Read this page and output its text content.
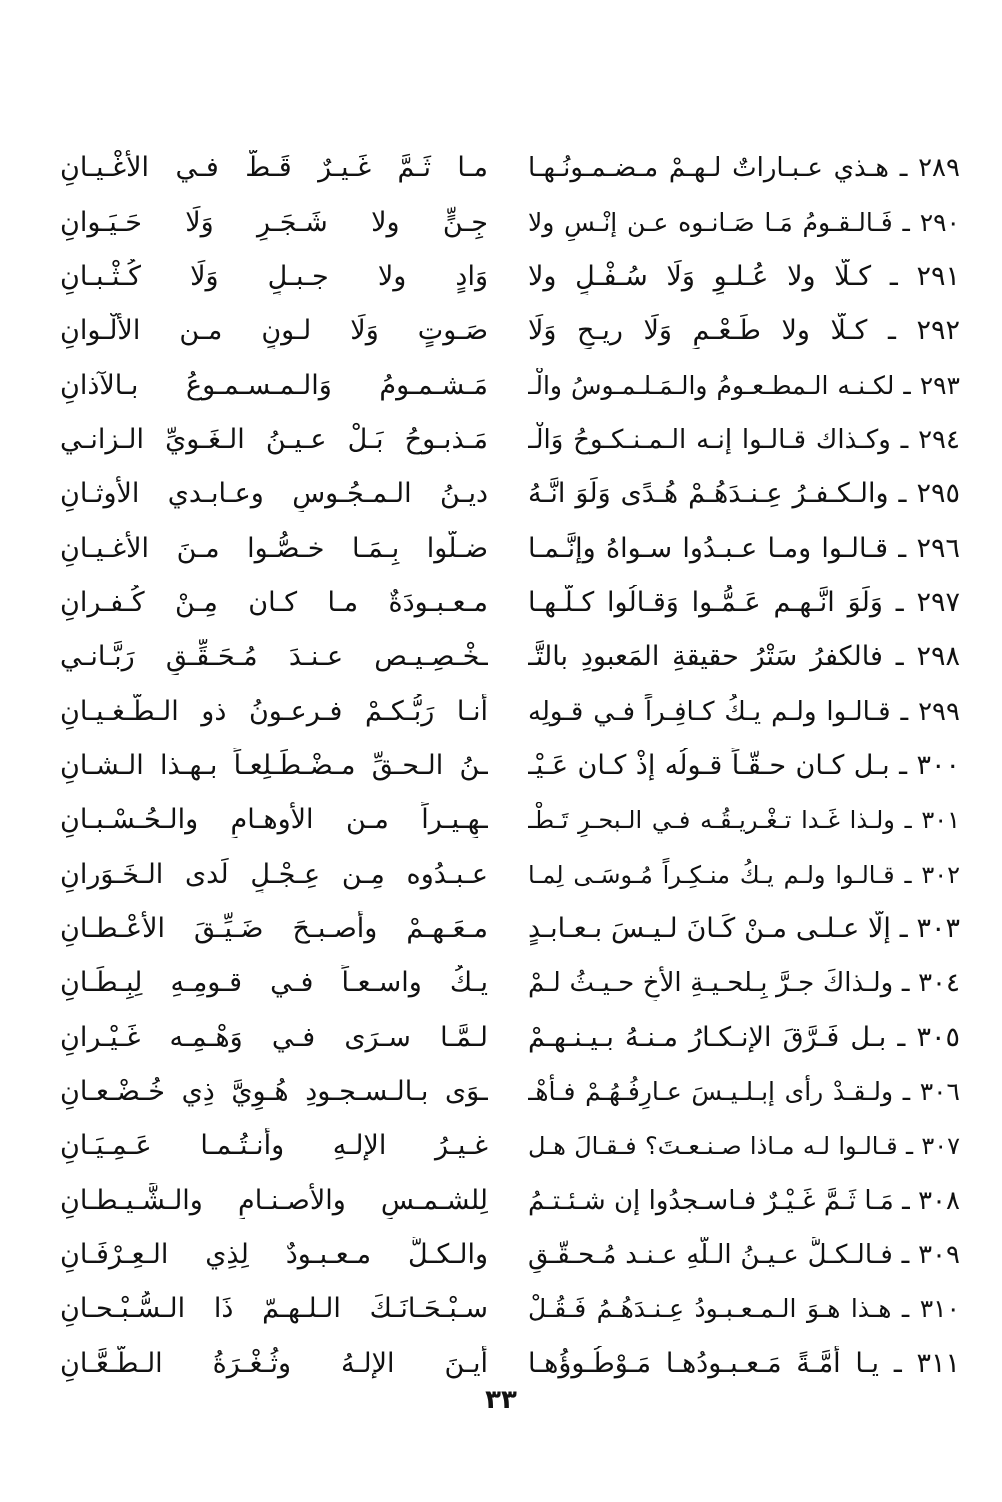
٢٨٩ ـ هـذي عـبـاراتٌ لـهـمْ مـضـمـونُـهـا
مـا ثَـمَّ غَـيـرٌ قَـطُّ فـي الأغْـيـانِ
٢٩٠ ـ فَـالـقـومُ مَـا صَـانـوه عـن إنْـسٍ ولا
جِـنٍّ ولا شَـجَـرٍ وَلَا حَـيَـوانِ
٢٩١ ـ كـلّا ولا عُـلـوٍ وَلَا سُـفْـلٍ ولا
وَادٍ ولا جـبـلٍ وَلَا كُـثْـبـانِ
٢٩٢ ـ كـلّا ولا طَـعْـمٍ وَلَا ريـحٍ وَلَا
صَـوتٍ وَلَا لـونٍ مـن الألْـوانِ
٢٩٣ ـ لكـنـه الـمطـعـومُ والـمَـلـمـوسُ والْـ
مَـشـمـومُ وَالـمـسـمـوعُ بـالآذانِ
٢٩٤ ـ وكـذاك قـالـوا إنـه الـمـنـكـوحُ وَالْـ
مَـذبـوحُ بَـلْ عـيـنُ الـغَـويِّ الـزانـي
٢٩٥ ـ والـكـفـرُ عِـنـدَهُـمْ هُـدًى وَلَوَ انَّـهُ
ديـنُ الـمـجُـوسِ وعـابـدي الأوثـانِ
٢٩٦ ـ قـالـوا ومـا عـبـدُوا سـواهُ وإنَّـمـا
ضـلُّوا بِـمَـا خـصُّـوا مـنَ الأغـيـانِ
٢٩٧ ـ وَلَوَ انَّـهـم عَـمُّـوا وَقـالُوا كـلُّـهـا
مـعـبـودَةٌ مـا كـان مِـنْ كُـفـرانِ
٢٩٨ ـ فالكفرُ سَتْرُ حقيقةِ المَعبودِ بالتَّـ
ـخْـصِـيـص عـنـدَ مُـحَـقِّـقٍ رَبَّـانـي
٢٩٩ ـ قـالـوا ولـم يـكُ كـافِـراً فـي قـولِه
أنـا رَبُّـكـمْ فـرعـونُ ذو الـطُّـغـيـانِ
٣٠٠ ـ بـل كـان حـقّـاً قـولُه إذْ كـان عَـيْـ
ـنُ الـحـقِّ مـضْـطَـلِعـاً بـهـذا الـشـانِ
٣٠١ ـ ولـذا غَـدا تـغْـريـقُـه فـي الـبحـرِ تَـطْـ
ـهِـيـراً مـن الأوهـامِ والـحُـسْـبـانِ
٣٠٢ ـ قـالـوا ولـم يـكُ منـكِـراً مُـوسَـى لِمـا
عـبـدُوه مِـن عِـجْـلٍ لَدى الـخَـوَرانِ
٣٠٣ ـ إلَّا عـلـى مـنْ كَـانَ لـيـسَ بـعـابـدٍ
مـعَـهـمْ وأصـبـحَ ضَـيِّـقَ الأعْـطـانِ
٣٠٤ ـ ولـذاكَ جـرَّ بِـلحـيـةِ الأخِ حـيـثُ لـمْ
يـكُ واسـعـاً فـي قـومِـهِ لِبِـطَـانِ
٣٠٥ ـ بـل فَـرَّقَ الإنـكـارُ مـنـهُ بـيـنـهـمْ
لـمَّـا سـرَى فـي وَهْـمِـه غَـيْـرانِ
٣٠٦ ـ ولـقـدْ رأى إبـلـيـسَ عـارِفُـهُـمْ فـأهْـ
ـوَى بـالـسـجـودِ هُـوِيَّ ذِي خُـضْـعـانِ
٣٠٧ ـ قـالـوا لـه مـاذا صـنـعـتَ؟ فـقـالَ هـل
غـيـرُ الإلـهِ وأنـتُـمـا عَـمِـيَـانِ
٣٠٨ ـ مَـا ثَـمَّ غَـيْـرٌ فـاسـجدُوا إن شـئـتـمُ
لِلشـمـسِ والأصـنـامِ والـشَّـيـطـانِ
٣٠٩ ـ فـالـكـلُّ عـيـنُ الـلَّهِ عـنـد مُـحـقّـقٍ
والـكـلُّ مـعـبـودٌ لِذِي الـعِـرْفَـانِ
٣١٠ ـ هـذا هـوَ الـمـعـبـودُ عِـنـدَهُـمُ فَـقُـلْ
سـبْـحَـانَـكَ الـلـهـمّ ذَا الـسُّـبْـحـانِ
٣١١ ـ يـا أُمَّـةً مَـعـبـودُهـا مَـوْطُـوؤُهـا
أيـنَ الإلـهُ وثُـغْـرَةُ الـطَّـعَّـانِ
٣٣
